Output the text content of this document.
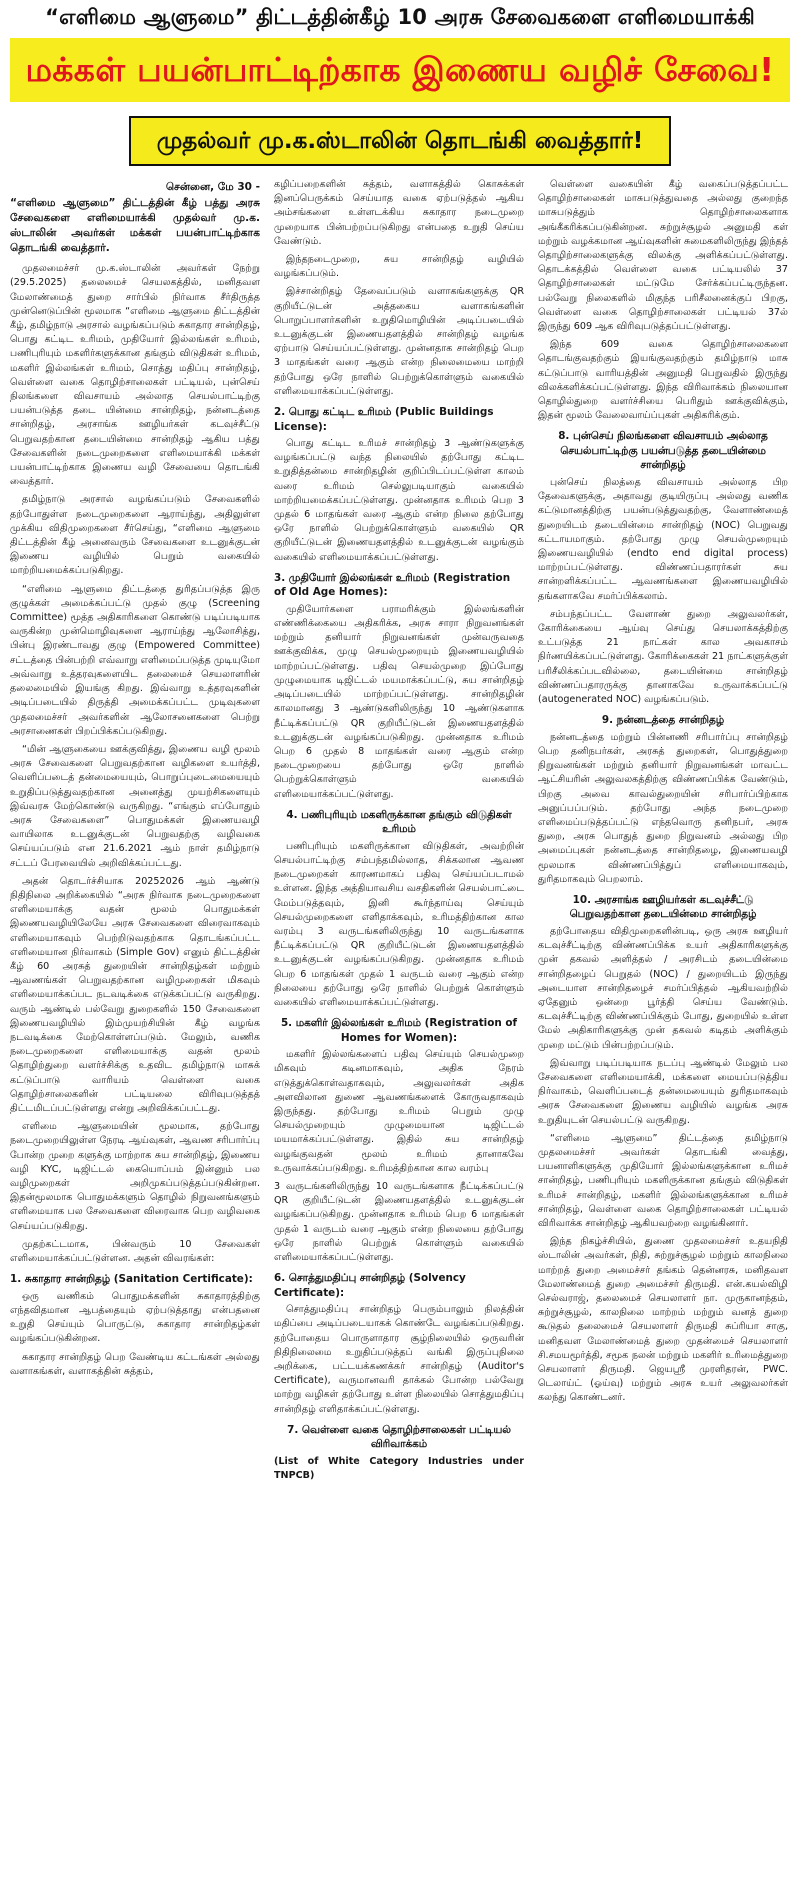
“எளிமை ஆளுமை” திட்டத்தின்கீழ் 10 அரசு சேவைகளை எளிமையாக்கி
மக்கள் பயன்பாட்டிற்காக இணைய வழிச் சேவை!
முதல்வர் மு.க.ஸ்டாலின் தொடங்கி வைத்தார்!

சென்னை, மே 30 -

“எளிமை ஆளுமை” திட்டத்தின் கீழ் பத்து அரசு சேவைகளை எளிமையாக்கி முதல்வர் மு.க. ஸ்டாலின் அவர்கள் மக்கள் பயன்பாட்டிற்காக தொடங்கி வைத்தார்.

முதலமைச்சர் மு.க.ஸ்டாலின் அவர்கள் நேற்று (29.5.2025) தலைமைச் செயலகத்தில், மனிதவள மேலாண்மைத் துறை சார்பில் நிர்வாக சீர்திருத்த முன்னெடுப்பின் மூலமாக “எளிமை ஆளுமை திட்டத்தின் கீழ், தமிழ்நாடு அரசால் வழங்கப்படும் சுகாதார சான்றிதழ், பொது கட்டிட உரிமம், முதியோர் இல்லங்கள் உரிமம், பணிபுரியும் மகளிர்களுக்கான தங்கும் விடுதிகள் உரிமம், மகளிர் இல்லங்கள் உரிமம், சொத்து மதிப்பு சான்றிதழ், வெள்ளை வகை தொழிற்சாலைகள் பட்டியல், புன்செய் நிலங்களை விவசாயம் அல்லாத செயல்பாட்டிற்கு பயன்படுத்த தடை யின்மை சான்றிதழ், நன்னடத்தை சான்றிதழ், அரசாங்க ஊழியர்கள் கடவுச்சீட்டு பெறுவதற்கான தடையின்மை சான்றிதழ் ஆகிய பத்து சேவைகளின் நடைமுறைகளை எளிமையாக்கி மக்கள் பயன்பாட்டிற்காக இணைய வழி சேவையை தொடங்கி வைத்தார்.

தமிழ்நாடு அரசால் வழங்கப்படும் சேவைகளில் தற்போதுள்ள நடைமுறைகளை ஆராய்ந்து, அதிலுள்ள முக்கிய விதிமுறைகளை சீர்செய்து, “எளிமை ஆளுமை திட்டத்தின் கீழ் அனைவரும் சேவைகளை உடனுக்குடன் இணைய வழியில் பெறும் வகையில் மாற்றியமைக்கப்படுகிறது.

“எளிமை ஆளுமை திட்டத்தை துரிதப்படுத்த இரு குழுக்கள் அமைக்கப்பட்டு முதல் குழு (Screening Committee) மூத்த அதிகாரிகளை கொண்டு படிப்படியாக வருகின்ற முன்மொழிவுகளை ஆராய்ந்து ஆலோசித்து, பின்பு இரண்டாவது குழு (Empowered Committee) சட்டத்தை பின்பற்றி எவ்வாறு எளிமைப்படுத்த முடியுமோ அவ்வாறு உத்தரவுகளையிட தலைமைச் செயலாளரின் தலைமையில் இயங்கு கிறது. இவ்வாறு உத்தரவுகளின் அடிப்படையில் திருத்தி அமைக்கப்பட்ட முடிவுகளை முதலமைச்சர் அவர்களின் ஆலோசனைகளை பெற்று அரசாணைகள் பிறப்பிக்கப்படுகிறது.

“மின் ஆளுகையை ஊக்குவித்து, இணைய வழி மூலம் அரசு சேவைகளை பெறுவதற்கான வழிகளை உயர்த்தி, வெளிப்படைத் தன்மையையும், பொறுப்புடைமையையும் உறுதிப்படுத்துவதற்கான அனைத்து முயற்சிகளையும் இவ்வரசு மேற்கொண்டு வருகிறது. “எங்கும் எப்போதும் அரசு சேவைகளை” பொதுமக்கள் இணையவழி வாயிலாக உடனுக்குடன் பெறுவதற்கு வழிவகை செய்யப்படும் என 21.6.2021 ஆம் நாள் தமிழ்நாடு சட்டப் பேரவையில் அறிவிக்கப்பட்டது.

அதன் தொடர்ச்சியாக 20252026 ஆம் ஆண்டு நிதிநிலை அறிக்கையில் “அரசு நிர்வாக நடைமுறைகளை எளிமையாக்கு வதன் மூலம் பொதுமக்கள் இணையவழியிலேயே அரசு சேவைகளை விரைவாகவும் எளிமையாகவும் பெற்றிடுவதற்காக தொடங்கப்பட்ட எளிமையான நிர்வாகம் (Simple Gov) எனும் திட்டத்தின் கீழ் 60 அரசுத் துறையின் சான்றிதழ்கள் மற்றும் ஆவணங்கள் பெறுவதற்கான வழிமுறைகள் மிகவும் எளிமையாக்கப்பட நடவடிக்கை எடுக்கப்பட்டு வருகிறது. வரும் ஆண்டில் பல்வேறு துறைகளில் 150 சேவைகளை இணையவழியில் இம்முயற்சியின் கீழ் வழங்க நடவடிக்கை மேற்கொள்ளப்படும். மேலும், வணிக நடைமுறைகளை எளிமையாக்கு வதன் மூலம் தொழிற்துறை வளர்ச்சிக்கு உதவிட தமிழ்நாடு மாசுக் கட்டுப்பாடு வாரியம் வெள்ளை வகை தொழிற்சாலைகளின் பட்டியலை விரிவுபடுத்தத் திட்டமிடப்பட்டுள்ளது என்று அறிவிக்கப்பட்டது.

எளிமை ஆளுமையின் மூலமாக, தற்போது நடைமுறையிலுள்ள நேரடி ஆய்வுகள், ஆவண சரிபார்ப்பு போன்ற முறை களுக்கு மாற்றாக சுய சான்றிதழ், இணைய வழி KYC, டிஜிட்டல் கையொப்பம் இன்னும் பல வழிமுறைகள் அறிமுகப்படுத்தப்படுகின்றன. இதன்மூலமாக பொதுமக்களும் தொழில் நிறுவனங்களும் எளிமையாக பல சேவைகளை விரைவாக பெற வழிவகை செய்யப்படுகிறது.

முதற்கட்டமாக, பின்வரும் 10 சேவைகள் எளிமையாக்கப்பட்டுள்ளன. அதன் விவரங்கள்:

1. சுகாதார சான்றிதழ் (Sanitation Certificate):

ஒரு வணிகம் பொதுமக்களின் சுகாதாரத்திற்கு எந்தவிதமான ஆபத்தையும் ஏற்படுத்தாது என்பதனை உறுதி செய்யும் பொருட்டு, சுகாதார சான்றிதழ்கள் வழங்கப்படுகின்றன.

சுகாதார சான்றிதழ் பெற வேண்டிய கட்டங்கள் அல்லது வளாகங்கள், வளாகத்தின் சுத்தம்,

கழிப்பறைகளின் சுத்தம், வளாகத்தில் கொசுக்கள் இனப்பெருக்கம் செய்யாத வகை ஏற்படுத்தல் ஆகிய அம்சங்களை உள்ளடக்கிய சுகாதார நடைமுறை முறையாக பின்பற்றப்படுகிறது என்பதை உறுதி செய்ய வேண்டும்.

இந்தநடைமுறை, சுய சான்றிதழ் வழியில் வழங்கப்படும்.

இச்சான்றிதழ் தேவைப்படும் வளாகங்களுக்கு QR குறியீட்டுடன் அத்தகைய வளாகங்களின் பொறுப்பாளர்களின் உறுதிமொழியின் அடிப்படையில் உடனுக்குடன் இணையதளத்தில் சான்றிதழ் வழங்க ஏற்பாடு செய்யப்பட்டுள்ளது. முன்னதாக சான்றிதழ் பெற 3 மாதங்கள் வரை ஆகும் என்ற நிலைமையை மாற்றி தற்போது ஒரே நாளில் பெற்றுக்கொள்ளும் வகையில் எளிமையாக்கப்பட்டுள்ளது.

2. பொது கட்டிட உரிமம் (Public Buildings License):

பொது கட்டிட உரிமச் சான்றிதழ் 3 ஆண்டுகளுக்கு வழங்கப்பட்டு வந்த நிலையில் தற்போது கட்டிட உறுதித்தன்மை சான்றிதழின் குறிப்பிடப்பட்டுள்ள காலம் வரை உரிமம் செல்லுபடியாகும் வகையில் மாற்றியமைக்கப்பட்டுள்ளது. முன்னதாக உரிமம் பெற 3 முதல் 6 மாதங்கள் வரை ஆகும் என்ற நிலை தற்போது ஒரே நாளில் பெற்றுக்கொள்ளும் வகையில் QR குறியீட்டுடன் இணையதளத்தில் உடனுக்குடன் வழங்கும் வகையில் எளிமையாக்கப்பட்டுள்ளது.

3. முதியோர் இல்லங்கள் உரிமம் (Registration of Old Age Homes):

முதியோர்களை பராமரிக்கும் இல்லங்களின் எண்ணிக்கையை அதிகரிக்க, அரசு சாரா நிறுவனங்கள் மற்றும் தனியார் நிறுவனங்கள் முன்வருவதை ஊக்குவிக்க, முழு செயல்முறையும் இணையவழியில் மாற்றப்பட்டுள்ளது. பதிவு செயல்முறை இப்போது முழுமையாக டிஜிட்டல் மயமாக்கப்பட்டு, சுய சான்றிதழ் அடிப்படையில் மாற்றப்பட்டுள்ளது. சான்றிதழின் காலமானது 3 ஆண்டுகளிலிருந்து 10 ஆண்டுகளாக நீட்டிக்கப்பட்டு QR குறியீட்டுடன் இணையதளத்தில் உடனுக்குடன் வழங்கப்படுகிறது. முன்னதாக உரிமம் பெற 6 முதல் 8 மாதங்கள் வரை ஆகும் என்ற நடைமுறையை தற்போது ஒரே நாளில் பெற்றுக்கொள்ளும் வகையில் எளிமையாக்கப்பட்டுள்ளது.

4. பணிபுரியும் மகளிருக்கான தங்கும் விடுதிகள் உரிமம்

பணிபுரியும் மகளிருக்கான விடுதிகள், அவற்றின் செயல்பாட்டிற்கு சம்பந்தமில்லாத, சிக்கலான ஆவண நடைமுறைகள் காரணமாகப் பதிவு செய்யப்படாமல் உள்ளன. இந்த அத்தியாவசிய வசதிகளின் செயல்பாட்டை மேம்படுத்தவும், இனி கூர்ந்தாய்வு செய்யும் செயல்முறைகளை எளிதாக்கவும், உரிமத்திற்கான கால வரம்பு 3 வருடங்களிலிருந்து 10 வருடங்களாக நீட்டிக்கப்பட்டு QR குறியீட்டுடன் இணையதளத்தில் உடனுக்குடன் வழங்கப்படுகிறது. முன்னதாக உரிமம் பெற 6 மாதங்கள் முதல் 1 வருடம் வரை ஆகும் என்ற நிலையை தற்போது ஒரே நாளில் பெற்றுக் கொள்ளும் வகையில் எளிமையாக்கப்பட்டுள்ளது.

5. மகளிர் இல்லங்கள் உரிமம் (Registration of Homes for Women):

மகளிர் இல்லங்களைப் பதிவு செய்யும் செயல்முறை மிகவும் கடினமாகவும், அதிக நேரம் எடுத்துக்கொள்வதாகவும், அலுவலர்கள் அதிக அளவிலான துணை ஆவணங்களைக் கோருவதாகவும் இருந்தது. தற்போது உரிமம் பெறும் முழு செயல்முறையும் முழுமையான டிஜிட்டல் மயமாக்கப்பட்டுள்ளது. இதில் சுய சான்றிதழ் வழங்குவதன் மூலம் உரிமம் தானாகவே உருவாக்கப்படுகிறது. உரிமத்திற்கான கால வரம்பு

3 வருடங்களிலிருந்து 10 வருடங்களாக நீட்டிக்கப்பட்டு QR குறியீட்டுடன் இணையதளத்தில் உடனுக்குடன் வழங்கப்படுகிறது. முன்னதாக உரிமம் பெற 6 மாதங்கள் முதல் 1 வருடம் வரை ஆகும் என்ற நிலையை தற்போது ஒரே நாளில் பெற்றுக் கொள்ளும் வகையில் எளிமையாக்கப்பட்டுள்ளது.

6. சொத்துமதிப்பு சான்றிதழ் (Solvency Certificate):

சொத்துமதிப்பு சான்றிதழ் பெரும்பாலும் நிலத்தின் மதிப்பை அடிப்படையாகக் கொண்டே வழங்கப்படுகிறது. தற்போதைய பொருளாதார சூழ்நிலையில் ஒருவரின் நிதிநிலைமை உறுதிப்படுத்தப் வங்கி இருப்புநிலை அறிக்கை, பட்டயக்கணக்கர் சான்றிதழ் (Auditor's Certificate), வருமானவரி தாக்கல் போன்ற பல்வேறு மாற்று வழிகள் தற்போது உள்ள நிலையில் சொத்துமதிப்பு சான்றிதழ் எளிதாக்கப்பட்டுள்ளது.

7. வெள்ளை வகை தொழிற்சாலைகள் பட்டியல் விரிவாக்கம்

(List of White Category Industries under TNPCB)

வெள்ளை வகையின் கீழ் வகைப்படுத்தப்பட்ட தொழிற்சாலைகள் மாசுபடுத்துவதை அல்லது குறைந்த மாசுபடுத்தும் தொழிற்சாலைகளாக அங்கீகரிக்கப்படுகின்றன. சுற்றுச்சூழல் அனுமதி கள் மற்றும் வழக்கமான ஆய்வுகளின் சுமைகளிலிருந்து இந்தத் தொழிற்சாலைகளுக்கு விலக்கு அளிக்கப்பட்டுள்ளது. தொடக்கத்தில் வெள்ளை வகை பட்டியலில் 37 தொழிற்சாலைகள் மட்டுமே சேர்க்கப்பட்டிருந்தன. பல்வேறு நிலைகளில் மிகுந்த பரிசீலனைக்குப் பிறகு, வெள்ளை வகை தொழிற்சாலைகள் பட்டியல் 37ல் இருந்து 609 ஆக விரிவுபடுத்தப்பட்டுள்ளது.

இந்த 609 வகை தொழிற்சாலைகளை தொடங்குவதற்கும் இயங்குவதற்கும் தமிழ்நாடு மாசு கட்டுப்பாடு வாரியத்தின் அனுமதி பெறுவதில் இருந்து விலக்களிக்கப்பட்டுள்ளது. இந்த விரிவாக்கம் நிலையான தொழில்துறை வளர்ச்சியை பெரிதும் ஊக்குவிக்கும், இதன் மூலம் வேலைவாய்ப்புகள் அதிகரிக்கும்.

8. புன்செய் நிலங்களை விவசாயம் அல்லாத செயல்பாட்டிற்கு பயன்படுத்த தடையின்மை சான்றிதழ்

புன்செய் நிலத்தை விவசாயம் அல்லாத பிற தேவைகளுக்கு, அதாவது குடியிருப்பு அல்லது வணிக கட்டுமானத்திற்கு பயன்படுத்துவதற்கு, வேளாண்மைத் துறையிடம் தடையின்மை சான்றிதழ் (NOC) பெறுவது கட்டாயமாகும். தற்போது முழு செயல்முறையும் இணையவழியில் (endto end digital process) மாற்றப்பட்டுள்ளது. விண்ணப்பதாரர்கள் சுய சான்றளிக்கப்பட்ட ஆவணங்களை இணையவழியில் தங்களாகவே சமர்ப்பிக்கலாம்.

சம்பந்தப்பட்ட வேளாண் துறை அலுவலர்கள், கோரிக்கையை ஆய்வு செய்து செயலாக்கத்திற்கு உட்படுத்த 21 நாட்கள் கால அவகாசம் நிர்ணயிக்கப்பட்டுள்ளது. கோரிக்கைகள் 21 நாட்களுக்குள் பரிசீலிக்கப்படவில்லை, தடையின்மை சான்றிதழ் விண்ணப்பதாரருக்கு தானாகவே உருவாக்கப்பட்டு (autogenerated NOC) வழங்கப்படும்.

9. நன்னடத்தை சான்றிதழ்

நன்னடத்தை மற்றும் பின்னணி சரிபார்ப்பு சான்றிதழ் பெற தனிநபர்கள், அரசுத் துறைகள், பொதுத்துறை நிறுவனங்கள் மற்றும் தனியார் நிறுவனங்கள் மாவட்ட ஆட்சியரின் அலுவலகத்திற்கு விண்ணப்பிக்க வேண்டும், பிறகு அவை காவல்துறையின் சரிபார்ப்பிற்காக அனுப்பப்படும். தற்போது அந்த நடைமுறை எளிமைப்படுத்தப்பட்டு எந்தவொரு தனிநபர், அரசு துறை, அரசு பொதுத் துறை நிறுவனம் அல்லது பிற அமைப்புகள் நன்னடத்தை சான்றிதழை, இணையவழி மூலமாக விண்ணப்பித்துப் எளிமையாகவும், துரிதமாகவும் பெறலாம்.

10. அரசாங்க ஊழியர்கள் கடவுச்சீட்டு பெறுவதற்கான தடையின்மை சான்றிதழ்

தற்போதைய விதிமுறைகளின்படி, ஒரு அரசு ஊழியர் கடவுச்சீட்டிற்கு விண்ணப்பிக்க உயர் அதிகாரிகளுக்கு முன் தகவல் அளித்தல் / அரசிடம் தடையின்மை சான்றிதழைப் பெறுதல் (NOC) / துறையிடம் இருந்து அடையாள சான்றிதழைச் சமர்ப்பித்தல் ஆகியவற்றில் ஏதேனும் ஒன்றை பூர்த்தி செய்ய வேண்டும். கடவுச்சீட்டிற்கு விண்ணப்பிக்கும் போது, துறையில் உள்ள மேல் அதிகாரிகளுக்கு முன் தகவல் கடிதம் அளிக்கும் முறை மட்டும் பின்பற்றப்படும்.

இவ்வாறு படிப்படியாக நடப்பு ஆண்டில் மேலும் பல சேவைகளை எளிமையாக்கி, மக்களை மையப்படுத்திய நிர்வாகம், வெளிப்படைத் தன்மையையும் துரிதமாகவும் அரசு சேவைகளை இணைய வழியில் வழங்க அரசு உறுதியுடன் செயல்பட்டு வருகிறது.

“எளிமை ஆளுமை” திட்டத்தை தமிழ்நாடு முதலமைச்சர் அவர்கள் தொடங்கி வைத்து, பயனாளிகளுக்கு முதியோர் இல்லங்களுக்கான உரிமச் சான்றிதழ், பணிபுரியும் மகளிருக்கான தங்கும் விடுதிகள் உரிமச் சான்றிதழ், மகளிர் இல்லங்களுக்கான உரிமச் சான்றிதழ், வெள்ளை வகை தொழிற்சாலைகள் பட்டியல் விரிவாக்க சான்றிதழ் ஆகியவற்றை வழங்கினார்.

இந்த நிகழ்ச்சியில், துணை முதலமைச்சர் உதயநிதி ஸ்டாலின் அவர்கள், நிதி, சுற்றுச்சூழல் மற்றும் காலநிலை மாற்றத் துறை அமைச்சர் தங்கம் தென்னரசு, மனிதவள மேலாண்மைத் துறை அமைச்சர் திருமதி. என்.கயல்விழி செல்வராஜ், தலைமைச் செயலாளர் நா. முருகானந்தம், சுற்றுச்சூழல், காலநிலை மாற்றம் மற்றும் வனத் துறை கூடுதல் தலைமைச் செயலாளர் திருமதி சுப்ரியா சாகு, மனிதவள மேலாண்மைத் துறை முதன்மைச் செயலாளர் சி.சமயமூர்த்தி, சமூக நலன் மற்றும் மகளிர் உரிமைத்துறை செயலாளர் திருமதி. ஜெயஸ்ரீ முரளிதரன், PWC. டெலாய்ட் (ஓய்வு) மற்றும் அரசு உயர் அலுவலர்கள் கலந்து கொண்டனர்.
